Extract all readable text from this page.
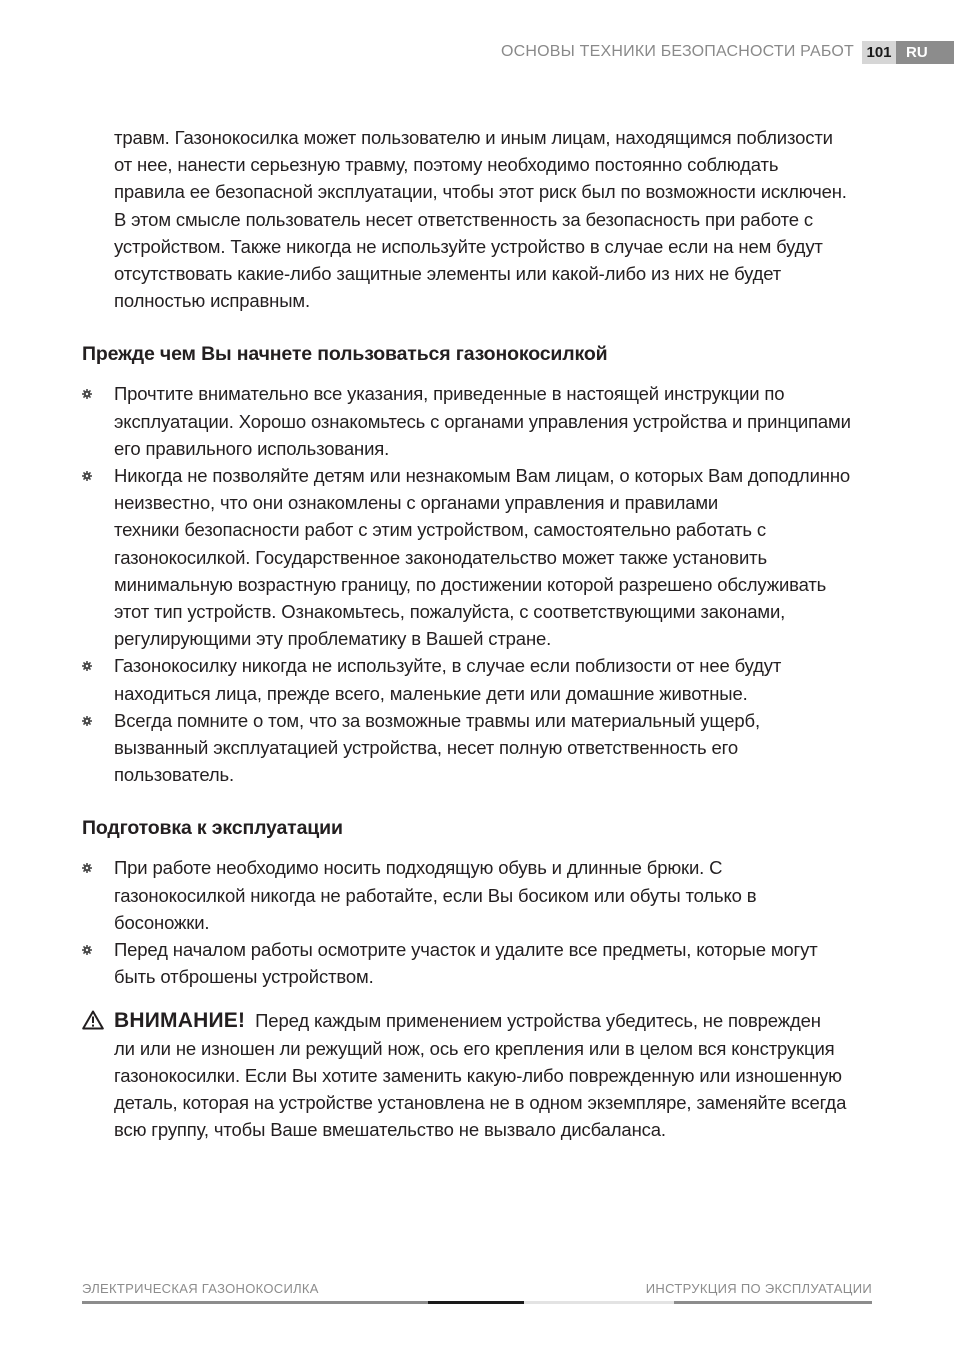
ОСНОВЫ ТЕХНИКИ БЕЗОПАСНОСТИ РАБОТ 101 RU

травм. Газонокосилка может пользователю и иным лицам, находящимся поблизости
от нее, нанести серьезную травму, поэтому необходимо постоянно соблюдать
правила ее безопасной эксплуатации, чтобы этот риск был по возможности исключен.
В этом смысле пользователь несет ответственность за безопасность при работе с
устройством. Также никогда не используйте устройство в случае если на нем будут
отсутствовать какие-либо защитные элементы или какой-либо из них не будет
полностью исправным.

Прежде чем Вы начнете пользоваться газонокосилкой
Прочтите внимательно все указания, приведенные в настоящей инструкции по
эксплуатации. Хорошо ознакомьтесь с органами управления устройства и принципами
его правильного использования.
Никогда не позволяйте детям или незнакомым Вам лицам, о которых Вам доподлинно
неизвестно, что они ознакомлены с органами управления и правилами
техники безопасности работ с этим устройством, самостоятельно работать с
газонокосилкой. Государственное законодательство может также установить
минимальную возрастную границу, по достижении которой разрешено обслуживать
этот тип устройств. Ознакомьтесь, пожалуйста, с соответствующими законами,
регулирующими эту проблематику в Вашей стране.
Газонокосилку никогда не используйте, в случае если поблизости от нее будут
находиться лица, прежде всего, маленькие дети или домашние животные.
Всегда помните о том, что за возможные травмы или материальный ущерб,
вызванный эксплуатацией устройства, несет полную ответственность его
пользователь.
Подготовка к эксплуатации
При работе необходимо носить подходящую обувь и длинные брюки. С
газонокосилкой никогда не работайте, если Вы босиком или обуты только в
босоножки.
Перед началом работы осмотрите участок и удалите все предметы, которые могут
быть отброшены устройством.
ВНИМАНИЕ! Перед каждым применением устройства убедитесь, не поврежден
ли или не изношен ли режущий нож, ось его крепления или в целом вся конструкция
газонокосилки. Если Вы хотите заменить какую-либо поврежденную или изношенную
деталь, которая на устройстве установлена не в одном экземпляре, заменяйте всегда
всю группу, чтобы Ваше вмешательство не вызвало дисбаланса.
ЭЛЕКТРИЧЕСКАЯ ГАЗОНОКОСИЛКА	ИНСТРУКЦИЯ ПО ЭКСПЛУАТАЦИИ
